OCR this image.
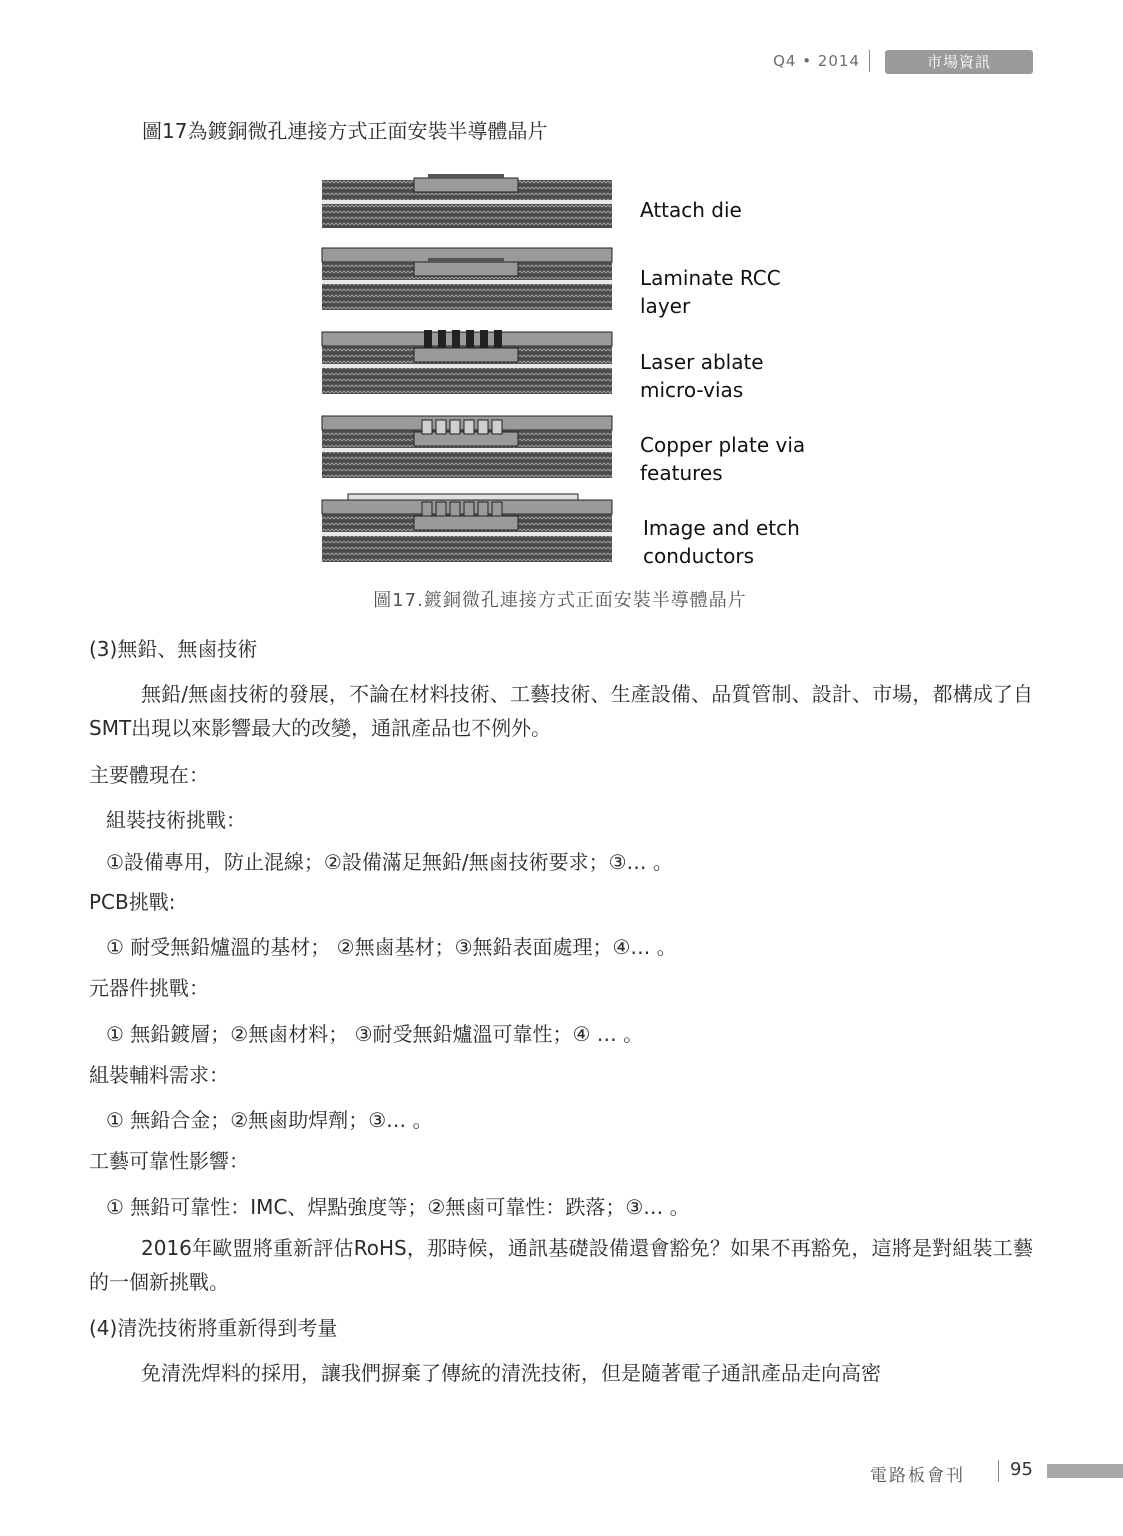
Q4 • 2014	市場資訊

圖17為鍍銅微孔連接方式正面安裝半導體晶片

Attach die
Laminate RCC
layer
Laser ablate
micro-vias
Copper plate via
features
Image and etch
conductors
圖17.鍍銅微孔連接方式正面安裝半導體晶片

(3)無鉛、無鹵技術

無鉛/無鹵技術的發展，不論在材料技術、工藝技術、生產設備、品質管制、設計、市場，都構成了自SMT出現以來影響最大的改變，通訊產品也不例外。

主要體現在：

組裝技術挑戰：

①設備專用，防止混線；②設備滿足無鉛/無鹵技術要求；③… 。

PCB挑戰:

① 耐受無鉛爐溫的基材； ②無鹵基材；③無鉛表面處理；④… 。

元器件挑戰：

① 無鉛鍍層；②無鹵材料； ③耐受無鉛爐溫可靠性；④ … 。

組裝輔料需求：

① 無鉛合金；②無鹵助焊劑；③… 。

工藝可靠性影響：

① 無鉛可靠性：IMC、焊點強度等；②無鹵可靠性：跌落；③… 。

2016年歐盟將重新評估RoHS，那時候，通訊基礎設備還會豁免？如果不再豁免，這將是對組裝工藝的一個新挑戰。

(4)清洗技術將重新得到考量

免清洗焊料的採用，讓我們摒棄了傳統的清洗技術，但是隨著電子通訊產品走向高密

電路板會刊	95
